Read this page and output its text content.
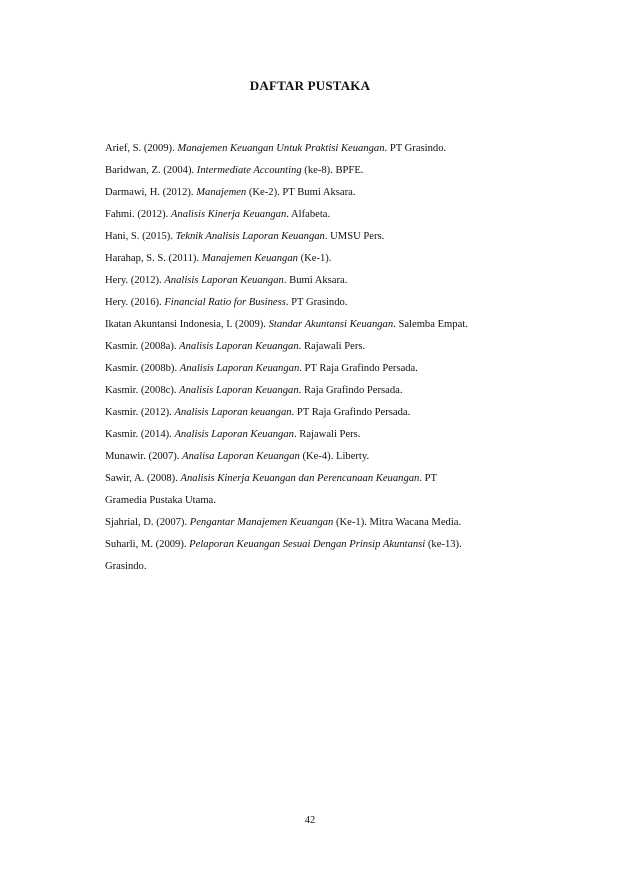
DAFTAR PUSTAKA

Arief, S. (2009). Manajemen Keuangan Untuk Praktisi Keuangan. PT Grasindo.

Baridwan, Z. (2004). Intermediate Accounting (ke-8). BPFE.

Darmawi, H. (2012). Manajemen (Ke-2). PT Bumi Aksara.

Fahmi. (2012). Analisis Kinerja Keuangan. Alfabeta.

Hani, S. (2015). Teknik Analisis Laporan Keuangan. UMSU Pers.

Harahap, S. S. (2011). Manajemen Keuangan (Ke-1).

Hery. (2012). Analisis Laporan Keuangan. Bumi Aksara.

Hery. (2016). Financial Ratio for Business. PT Grasindo.

Ikatan Akuntansi Indonesia, I. (2009). Standar Akuntansi Keuangan. Salemba Empat.

Kasmir. (2008a). Analisis Laporan Keuangan. Rajawali Pers.

Kasmir. (2008b). Analisis Laporan Keuangan. PT Raja Grafindo Persada.

Kasmir. (2008c). Analisis Laporan Keuangan. Raja Grafindo Persada.

Kasmir. (2012). Analisis Laporan keuangan. PT Raja Grafindo Persada.

Kasmir. (2014). Analisis Laporan Keuangan. Rajawali Pers.

Munawir. (2007). Analisa Laporan Keuangan (Ke-4). Liberty.

Sawir, A. (2008). Analisis Kinerja Keuangan dan Perencanaan Keuangan. PT

Gramedia Pustaka Utama.

Sjahrial, D. (2007). Pengantar Manajemen Keuangan (Ke-1). Mitra Wacana Media.

Suharli, M. (2009). Pelaporan Keuangan Sesuai Dengan Prinsip Akuntansi (ke-13).

Grasindo.

42
